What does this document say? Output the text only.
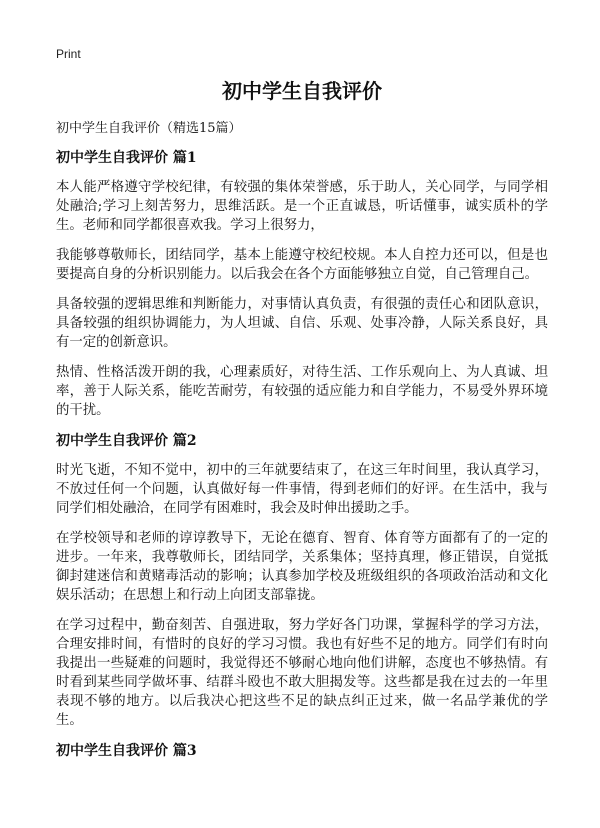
Print
初中学生自我评价

初中学生自我评价（精选15篇）

初中学生自我评价 篇1

本人能严格遵守学校纪律，有较强的集体荣誉感，乐于助人，关心同学，与同学相处融洽;学习上刻苦努力，思维活跃。是一个正直诚恳，听话懂事，诚实质朴的学生。老师和同学都很喜欢我。学习上很努力，

我能够尊敬师长，团结同学，基本上能遵守校纪校规。本人自控力还可以，但是也要提高自身的分析识别能力。以后我会在各个方面能够独立自觉，自己管理自己。

具备较强的逻辑思维和判断能力，对事情认真负责，有很强的责任心和团队意识，具备较强的组织协调能力，为人坦诚、自信、乐观、处事冷静，人际关系良好，具有一定的创新意识。

热情、性格活泼开朗的我，心理素质好，对待生活、工作乐观向上、为人真诚、坦率，善于人际关系，能吃苦耐劳，有较强的适应能力和自学能力，不易受外界环境的干扰。

初中学生自我评价 篇2

时光飞逝，不知不觉中，初中的三年就要结束了，在这三年时间里，我认真学习，不放过任何一个问题，认真做好每一件事情，得到老师们的好评。在生活中，我与同学们相处融洽，在同学有困难时，我会及时伸出援助之手。

在学校领导和老师的谆谆教导下，无论在德育、智育、体育等方面都有了的一定的进步。一年来，我尊敬师长，团结同学，关系集体；坚持真理，修正错误，自觉抵御封建迷信和黄赌毒活动的影响；认真参加学校及班级组织的各项政治活动和文化娱乐活动；在思想上和行动上向团支部靠拢。

在学习过程中，勤奋刻苦、自强进取，努力学好各门功课，掌握科学的学习方法，合理安排时间，有惜时的良好的学习习惯。我也有好些不足的地方。同学们有时向我提出一些疑难的问题时，我觉得还不够耐心地向他们讲解，态度也不够热情。有时看到某些同学做坏事、结群斗殴也不敢大胆揭发等。这些都是我在过去的一年里表现不够的地方。以后我决心把这些不足的缺点纠正过来，做一名品学兼优的学生。

初中学生自我评价 篇3
